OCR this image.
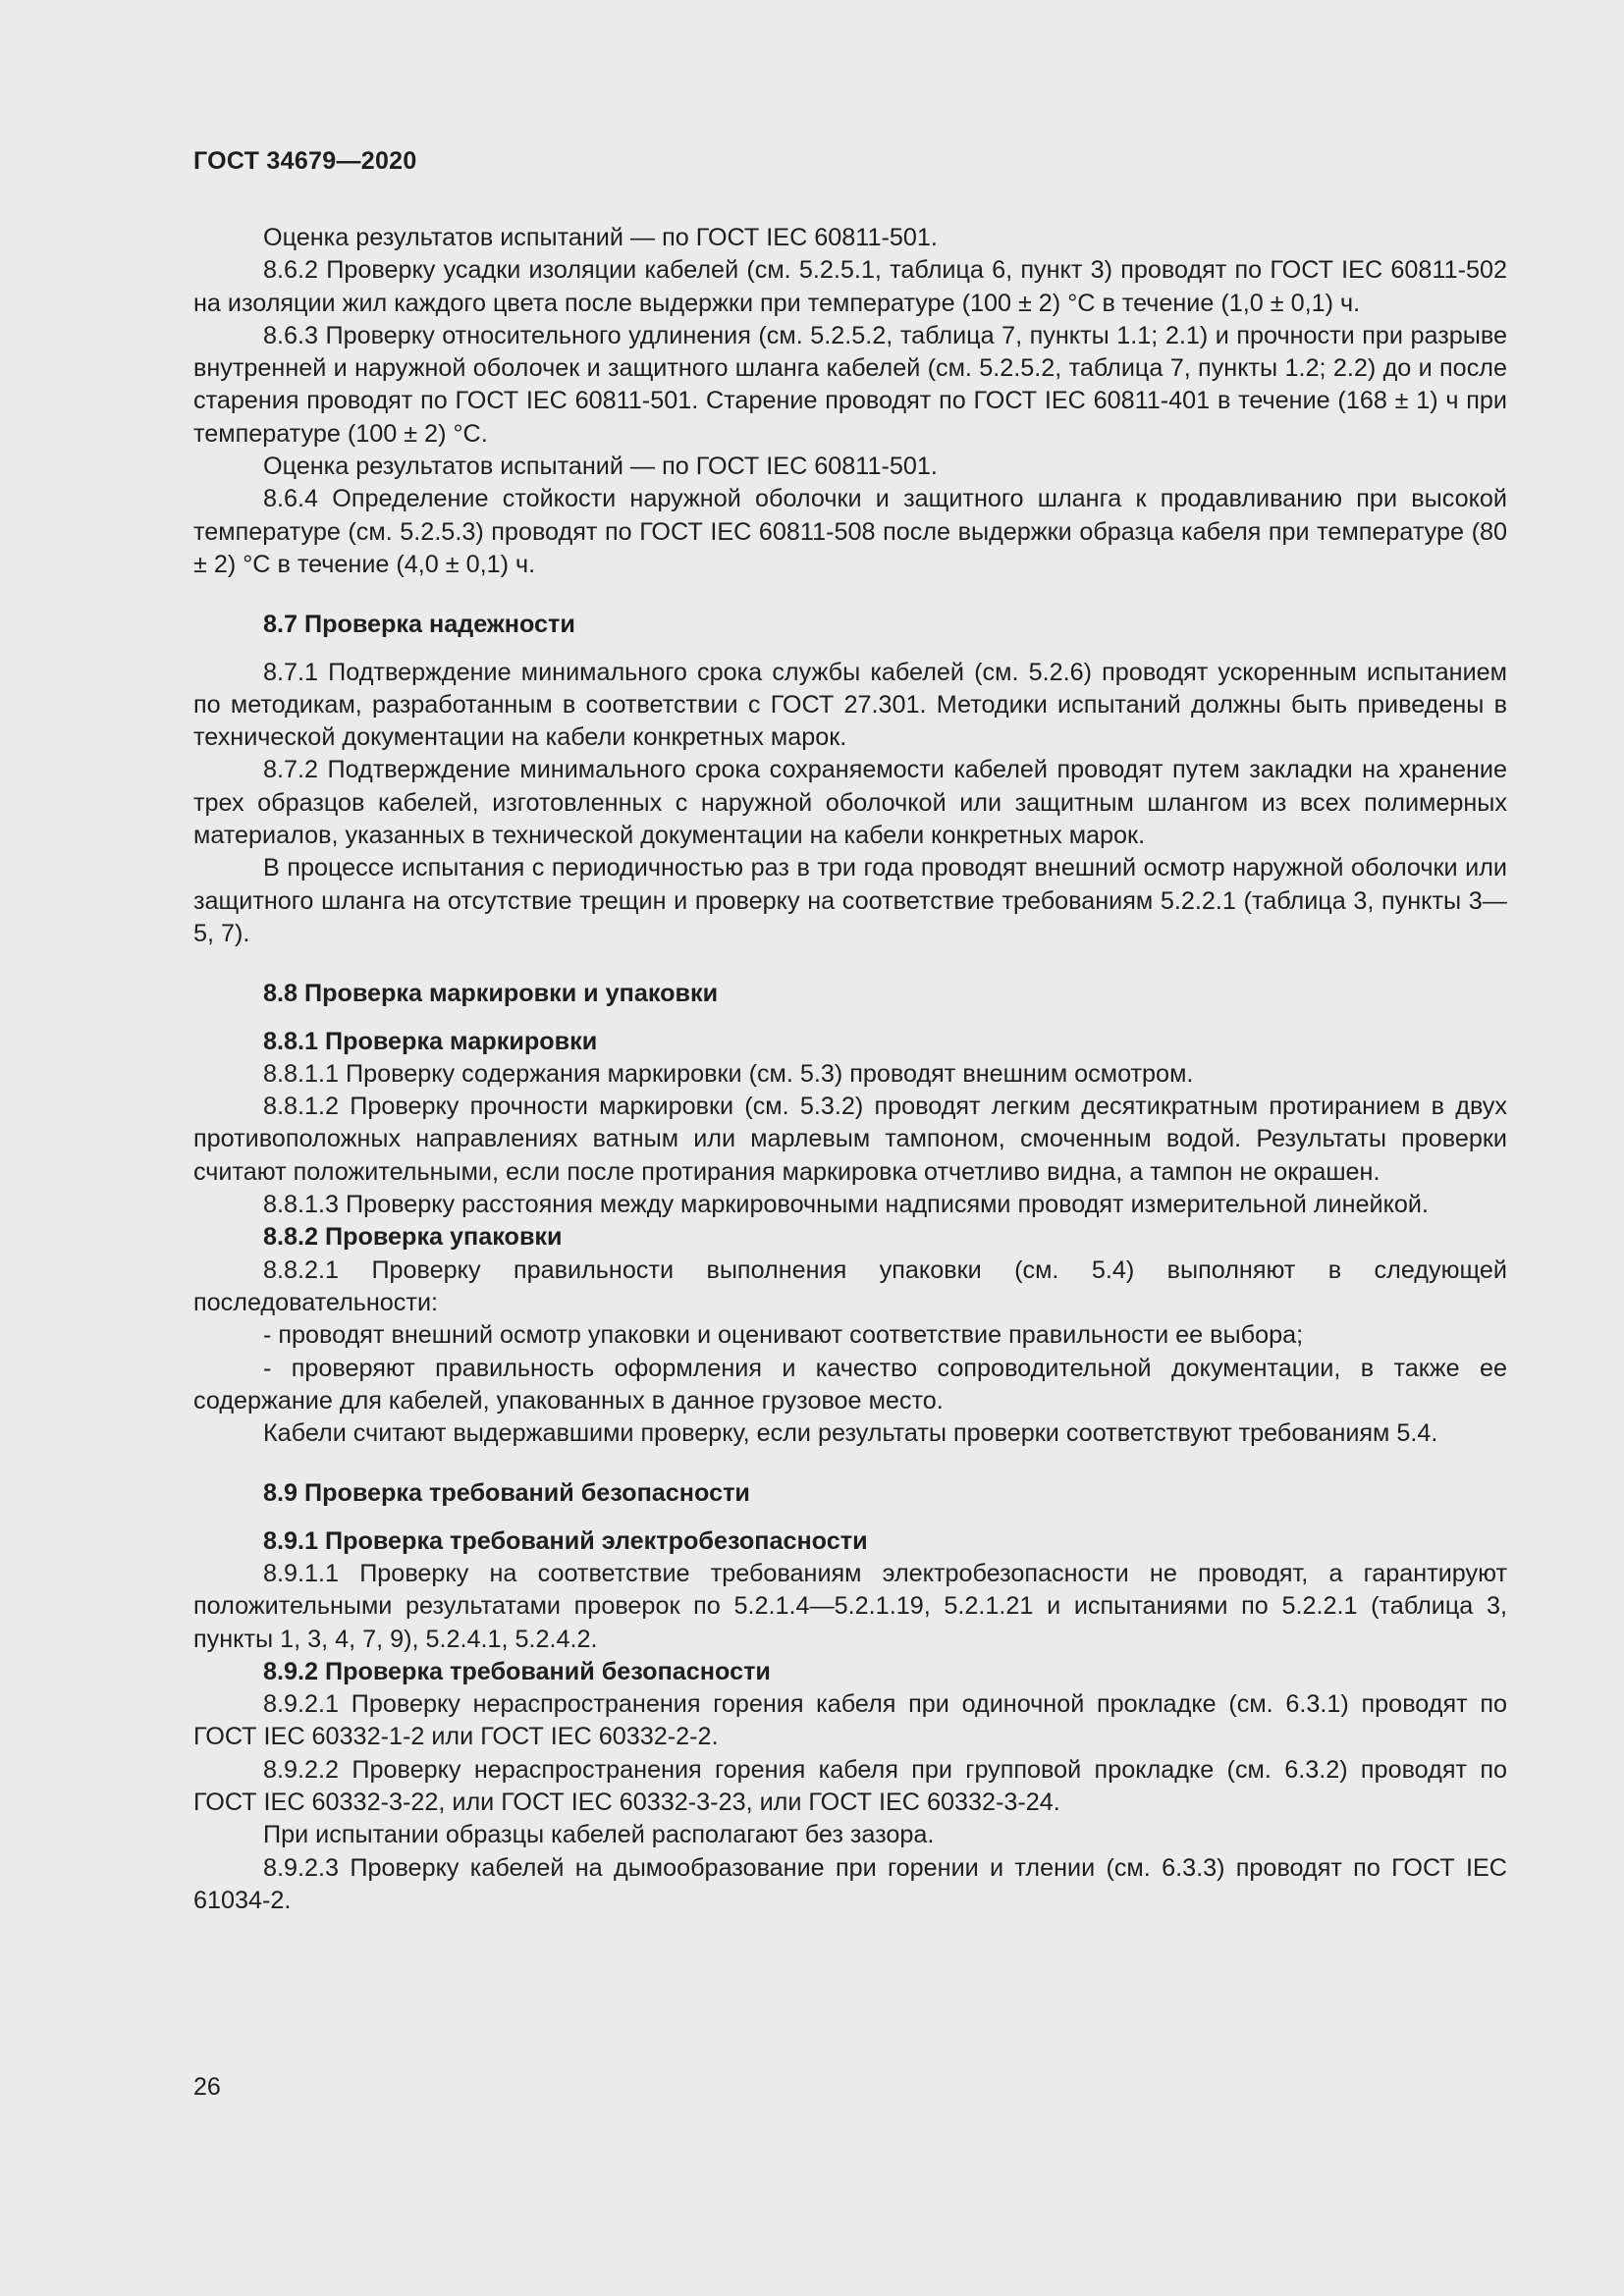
ГОСТ 34679—2020

Оценка результатов испытаний — по ГОСТ IEC 60811-501.

8.6.2 Проверку усадки изоляции кабелей (см. 5.2.5.1, таблица 6, пункт 3) проводят по ГОСТ IEC 60811-502 на изоляции жил каждого цвета после выдержки при температуре (100 ± 2) °С в течение (1,0 ± 0,1) ч.

8.6.3 Проверку относительного удлинения (см. 5.2.5.2, таблица 7, пункты 1.1; 2.1) и прочности при разрыве внутренней и наружной оболочек и защитного шланга кабелей (см. 5.2.5.2, таблица 7, пункты 1.2; 2.2) до и после старения проводят по ГОСТ IEC 60811-501. Старение проводят по ГОСТ IEC 60811-401 в течение (168 ± 1) ч при температуре (100 ± 2) °С.

Оценка результатов испытаний — по ГОСТ IEC 60811-501.

8.6.4 Определение стойкости наружной оболочки и защитного шланга к продавливанию при высокой температуре (см. 5.2.5.3) проводят по ГОСТ IEC 60811-508 после выдержки образца кабеля при температуре (80 ± 2) °С в течение (4,0 ± 0,1) ч.

8.7 Проверка надежности

8.7.1 Подтверждение минимального срока службы кабелей (см. 5.2.6) проводят ускоренным испытанием по методикам, разработанным в соответствии с ГОСТ 27.301. Методики испытаний должны быть приведены в технической документации на кабели конкретных марок.

8.7.2 Подтверждение минимального срока сохраняемости кабелей проводят путем закладки на хранение трех образцов кабелей, изготовленных с наружной оболочкой или защитным шлангом из всех полимерных материалов, указанных в технической документации на кабели конкретных марок.

В процессе испытания с периодичностью раз в три года проводят внешний осмотр наружной оболочки или защитного шланга на отсутствие трещин и проверку на соответствие требованиям 5.2.2.1 (таблица 3, пункты 3—5, 7).

8.8 Проверка маркировки и упаковки
8.8.1 Проверка маркировки

8.8.1.1 Проверку содержания маркировки (см. 5.3) проводят внешним осмотром.

8.8.1.2 Проверку прочности маркировки (см. 5.3.2) проводят легким десятикратным протиранием в двух противоположных направлениях ватным или марлевым тампоном, смоченным водой. Результаты проверки считают положительными, если после протирания маркировка отчетливо видна, а тампон не окрашен.

8.8.1.3 Проверку расстояния между маркировочными надписями проводят измерительной линейкой.

8.8.2 Проверка упаковки

8.8.2.1 Проверку правильности выполнения упаковки (см. 5.4) выполняют в следующей последовательности:

- проводят внешний осмотр упаковки и оценивают соответствие правильности ее выбора;

- проверяют правильность оформления и качество сопроводительной документации, в также ее содержание для кабелей, упакованных в данное грузовое место.

Кабели считают выдержавшими проверку, если результаты проверки соответствуют требованиям 5.4.

8.9 Проверка требований безопасности
8.9.1 Проверка требований электробезопасности

8.9.1.1 Проверку на соответствие требованиям электробезопасности не проводят, а гарантируют положительными результатами проверок по 5.2.1.4—5.2.1.19, 5.2.1.21 и испытаниями по 5.2.2.1 (таблица 3, пункты 1, 3, 4, 7, 9), 5.2.4.1, 5.2.4.2.

8.9.2 Проверка требований безопасности

8.9.2.1 Проверку нераспространения горения кабеля при одиночной прокладке (см. 6.3.1) проводят по ГОСТ IEC 60332-1-2 или ГОСТ IEC 60332-2-2.

8.9.2.2 Проверку нераспространения горения кабеля при групповой прокладке (см. 6.3.2) проводят по ГОСТ IEC 60332-3-22, или ГОСТ IEC 60332-3-23, или ГОСТ IEC 60332-3-24.

При испытании образцы кабелей располагают без зазора.

8.9.2.3 Проверку кабелей на дымообразование при горении и тлении (см. 6.3.3) проводят по ГОСТ IEC 61034-2.

26
